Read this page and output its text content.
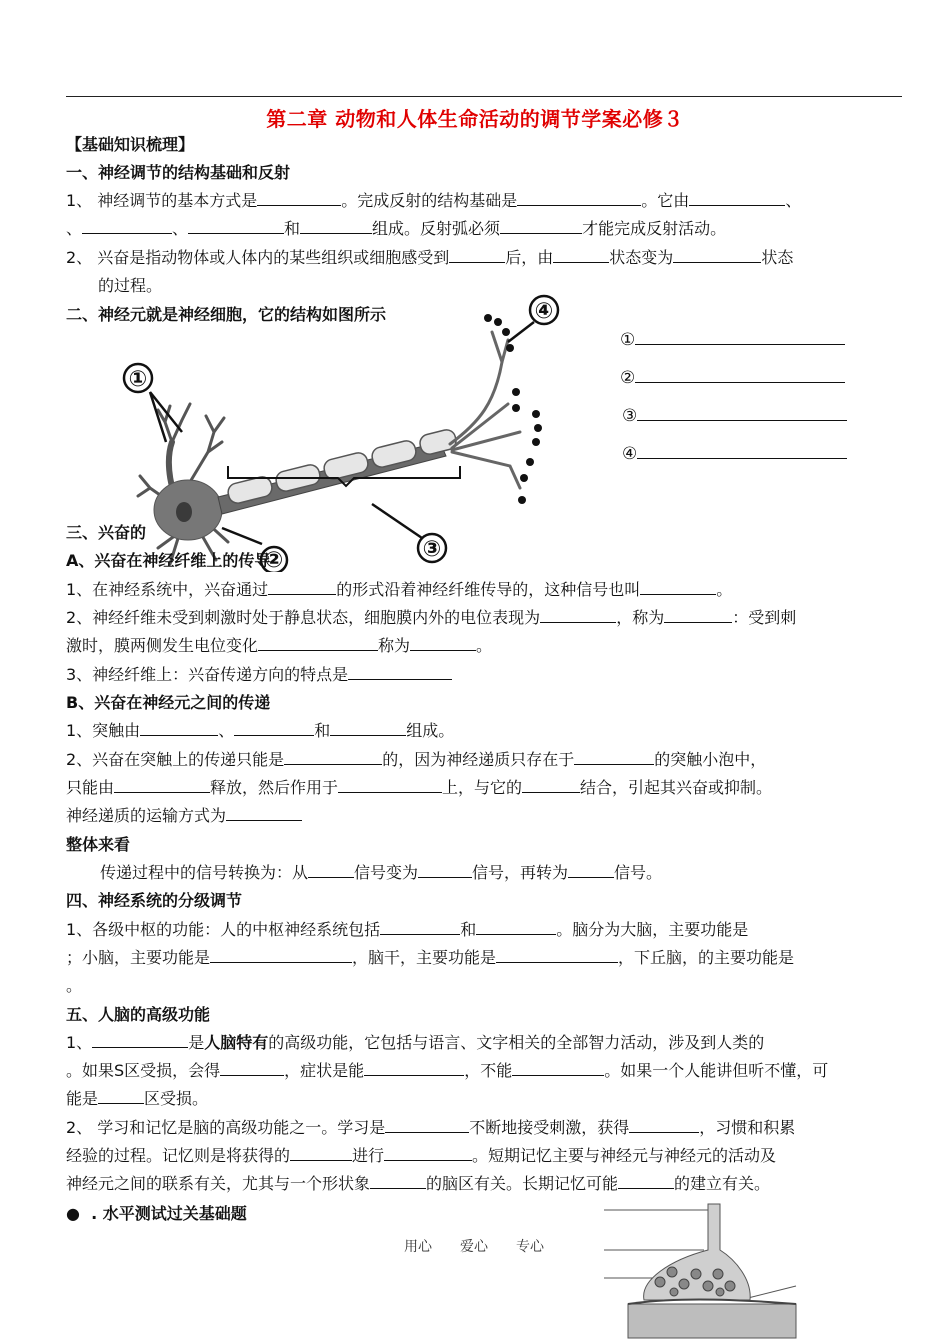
第二章 动物和人体生命活动的调节学案必修３
【基础知识梳理】
一、神经调节的结构基础和反射
1、 神经调节的基本方式是	。完成反射的结构基础是	。它由	、
、	、	和	组成。反射弧必须	才能完成反射活动。
2、 兴奋是指动物体或人体内的某些组织或细胞感受到	后，由	状态变为	状态
的过程。
二、神经元就是神经细胞，它的结构如图所示
①
②	③
④
①
②
③
④
三、兴奋的
A、兴奋在神经纤维上的传导
1、在神经系统中，兴奋通过	的形式沿着神经纤维传导的，这种信号也叫	。
2、神经纤维未受到刺激时处于静息状态，细胞膜内外的电位表现为	，称为	：受到刺
激时，膜两侧发生电位变化	称为	。
3、神经纤维上：兴奋传递方向的特点是
B、兴奋在神经元之间的传递
1、突触由	、	和	组成。
2、兴奋在突触上的传递只能是	的，因为神经递质只存在于	的突触小泡中，
只能由	释放，然后作用于	上，与它的	结合，引起其兴奋或抑制。
神经递质的运输方式为
整体来看
传递过程中的信号转换为：从	信号变为	信号，再转为	信号。
四、神经系统的分级调节
1、各级中枢的功能：人的中枢神经系统包括	和	。脑分为大脑，主要功能是
；小脑，主要功能是	，脑干，主要功能是	，下丘脑，的主要功能是
。
五、人脑的高级功能
1、	是人脑特有的高级功能，它包括与语言、文字相关的全部智力活动，涉及到人类的
。如果S区受损，会得	，症状是能	，不能	。如果一个人能讲但听不懂，可
能是	区受损。
2、 学习和记忆是脑的高级功能之一。学习是	不断地接受刺激，获得	，习惯和积累
经验的过程。记忆则是将获得的	进行	。短期记忆主要与神经元与神经元的活动及
神经元之间的联系有关，尤其与一个形状象	的脑区有关。长期记忆可能	的建立有关。
● . 水平测试过关基础题
用心　　爱心　　专心
